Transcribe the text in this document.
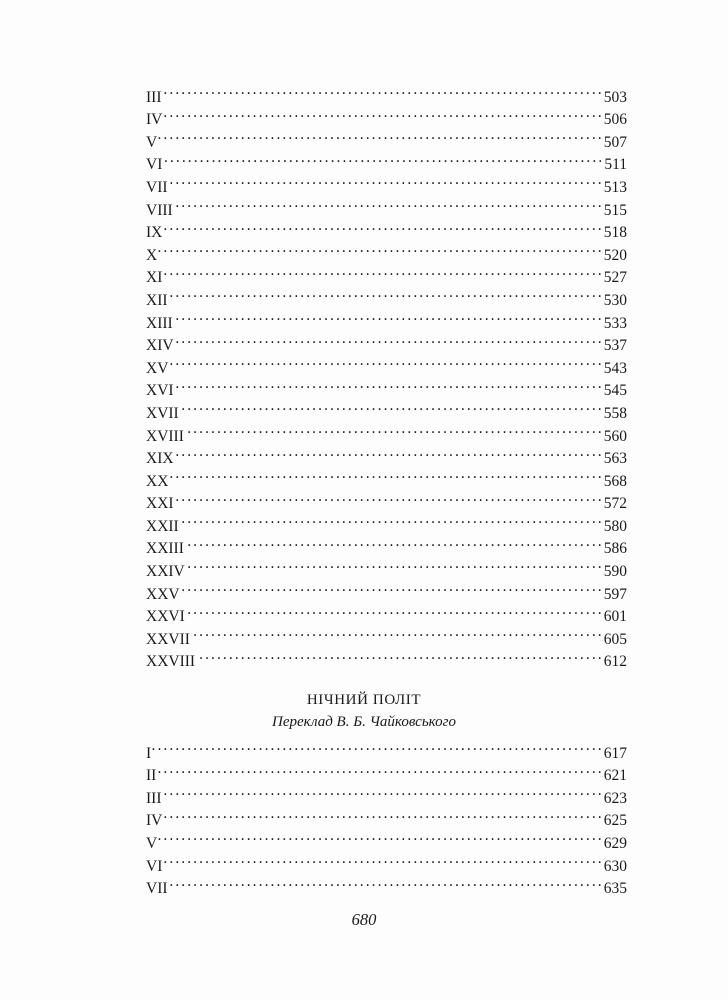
III . . .	503
IV . . .	506
V . . .	507
VI . . .	511
VII . . .	513
VIII . . .	515
IX . . .	518
X . . .	520
XI . . .	527
XII . . .	530
XIII . . .	533
XIV . . .	537
XV . . .	543
XVI . . .	545
XVII . . .	558
XVIII . . .	560
XIX . . .	563
XX . . .	568
XXI . . .	572
XXII . . .	580
XXIII . . .	586
XXIV . . .	590
XXV . . .	597
XXVI . . .	601
XXVII . . .	605
XXVIII . . .	612
НІЧНИЙ ПОЛІТ
Переклад В. Б. Чайковського
I . . .	617
II . . .	621
III . . .	623
IV . . .	625
V . . .	629
VI . . .	630
VII . . .	635
680
